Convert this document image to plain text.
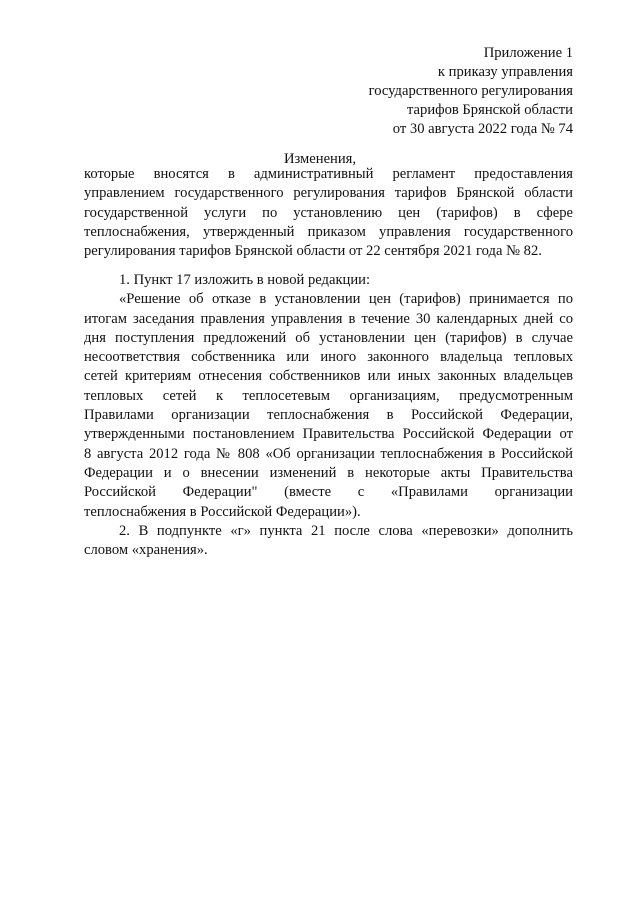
Приложение 1
к приказу управления
государственного регулирования
тарифов Брянской области
от 30 августа 2022 года № 74
Изменения,
которые вносятся в административный регламент предоставления
управлением государственного регулирования тарифов Брянской области
государственной услуги по установлению цен (тарифов) в сфере
теплоснабжения, утвержденный приказом управления государственного
регулирования тарифов Брянской области от 22 сентября 2021 года № 82.
1. Пункт 17 изложить в новой редакции:
«Решение об отказе в установлении цен (тарифов) принимается по
итогам заседания правления управления в течение 30 календарных дней со
дня поступления предложений об установлении цен (тарифов) в случае
несоответствия собственника или иного законного владельца тепловых
сетей критериям отнесения собственников или иных законных владельцев
тепловых сетей к теплосетевым организациям, предусмотренным
Правилами организации теплоснабжения в Российской Федерации,
утвержденными постановлением Правительства Российской Федерации от
8 августа 2012 года № 808 «Об организации теплоснабжения в Российской
Федерации и о внесении изменений в некоторые акты Правительства
Российской Федерации" (вместе с «Правилами организации
теплоснабжения в Российской Федерации»).
2. В подпункте «г» пункта 21 после слова «перевозки» дополнить
словом «хранения».
